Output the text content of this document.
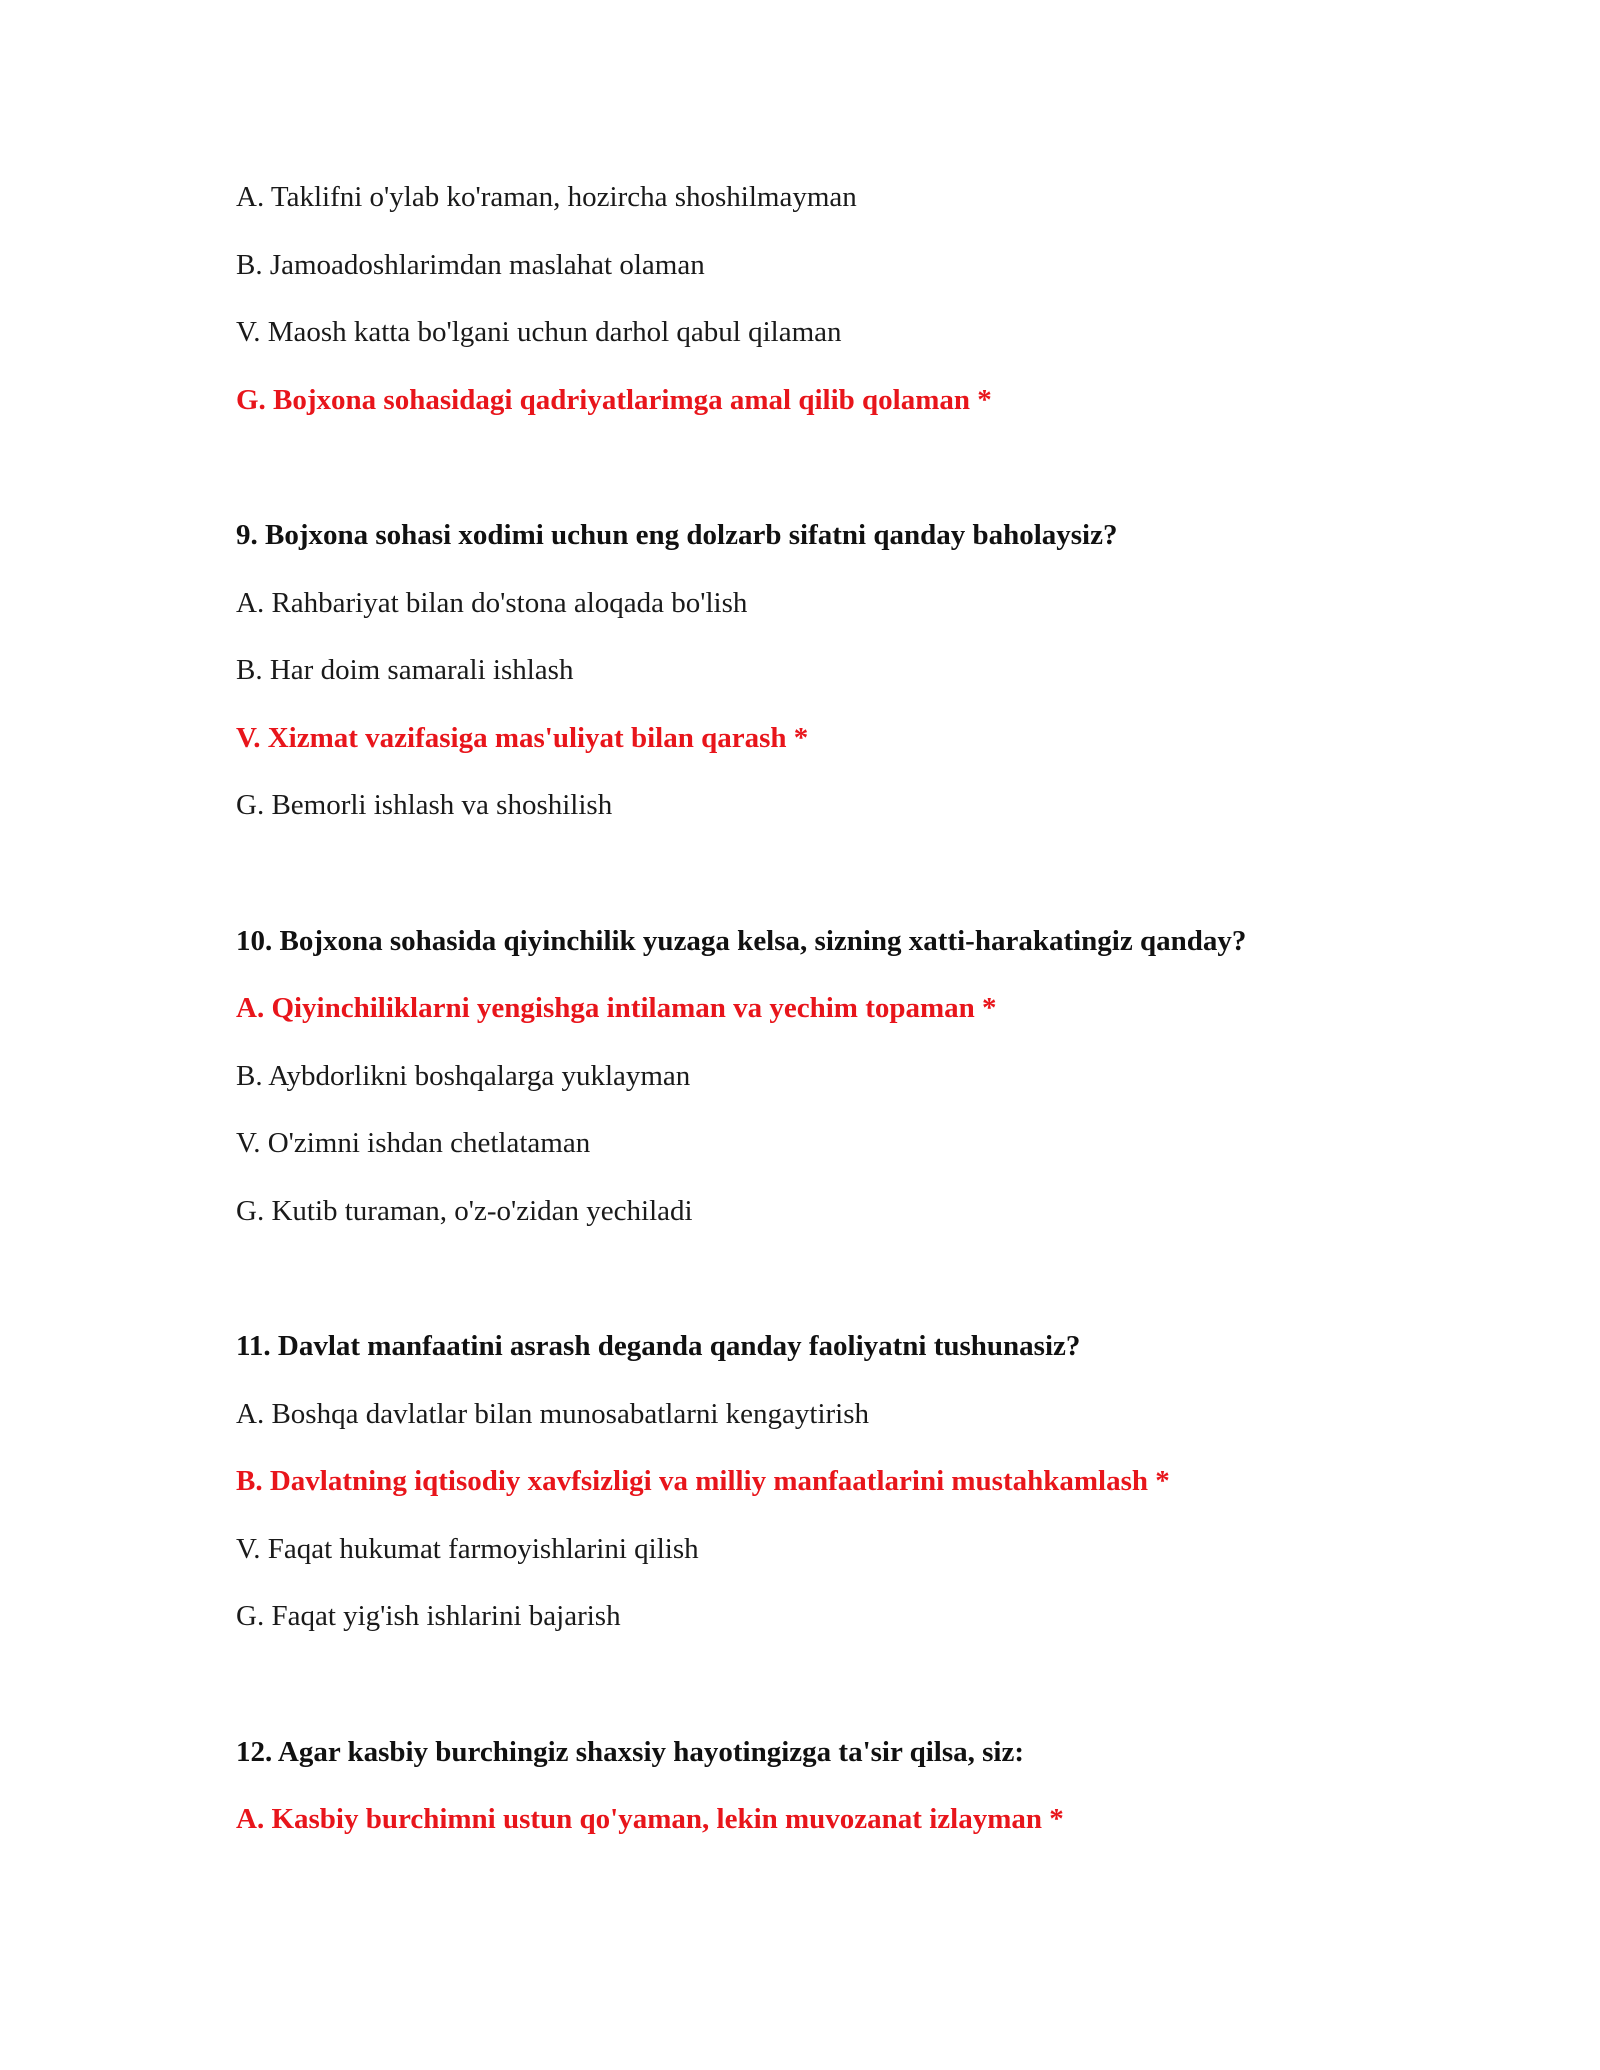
A. Taklifni o'ylab ko'raman, hozircha shoshilmayman
B. Jamoadoshlarimdan maslahat olaman
V. Maosh katta bo'lgani uchun darhol qabul qilaman
G. Bojxona sohasidagi qadriyatlarimga amal qilib qolaman *
9. Bojxona sohasi xodimi uchun eng dolzarb sifatni qanday baholaysiz?
A. Rahbariyat bilan do'stona aloqada bo'lish
B. Har doim samarali ishlash
V. Xizmat vazifasiga mas'uliyat bilan qarash *
G. Bemorli ishlash va shoshilish
10. Bojxona sohasida qiyinchilik yuzaga kelsa, sizning xatti-harakatingiz qanday?
A. Qiyinchiliklarni yengishga intilaman va yechim topaman *
B. Aybdorlikni boshqalarga yuklayman
V. O'zimni ishdan chetlataman
G. Kutib turaman, o'z-o'zidan yechiladi
11. Davlat manfaatini asrash deganda qanday faoliyatni tushunasiz?
A. Boshqa davlatlar bilan munosabatlarni kengaytirish
B. Davlatning iqtisodiy xavfsizligi va milliy manfaatlarini mustahkamlash *
V. Faqat hukumat farmoyishlarini qilish
G. Faqat yig'ish ishlarini bajarish
12. Agar kasbiy burchingiz shaxsiy hayotingizga ta'sir qilsa, siz:
A. Kasbiy burchimni ustun qo'yaman, lekin muvozanat izlayman *
